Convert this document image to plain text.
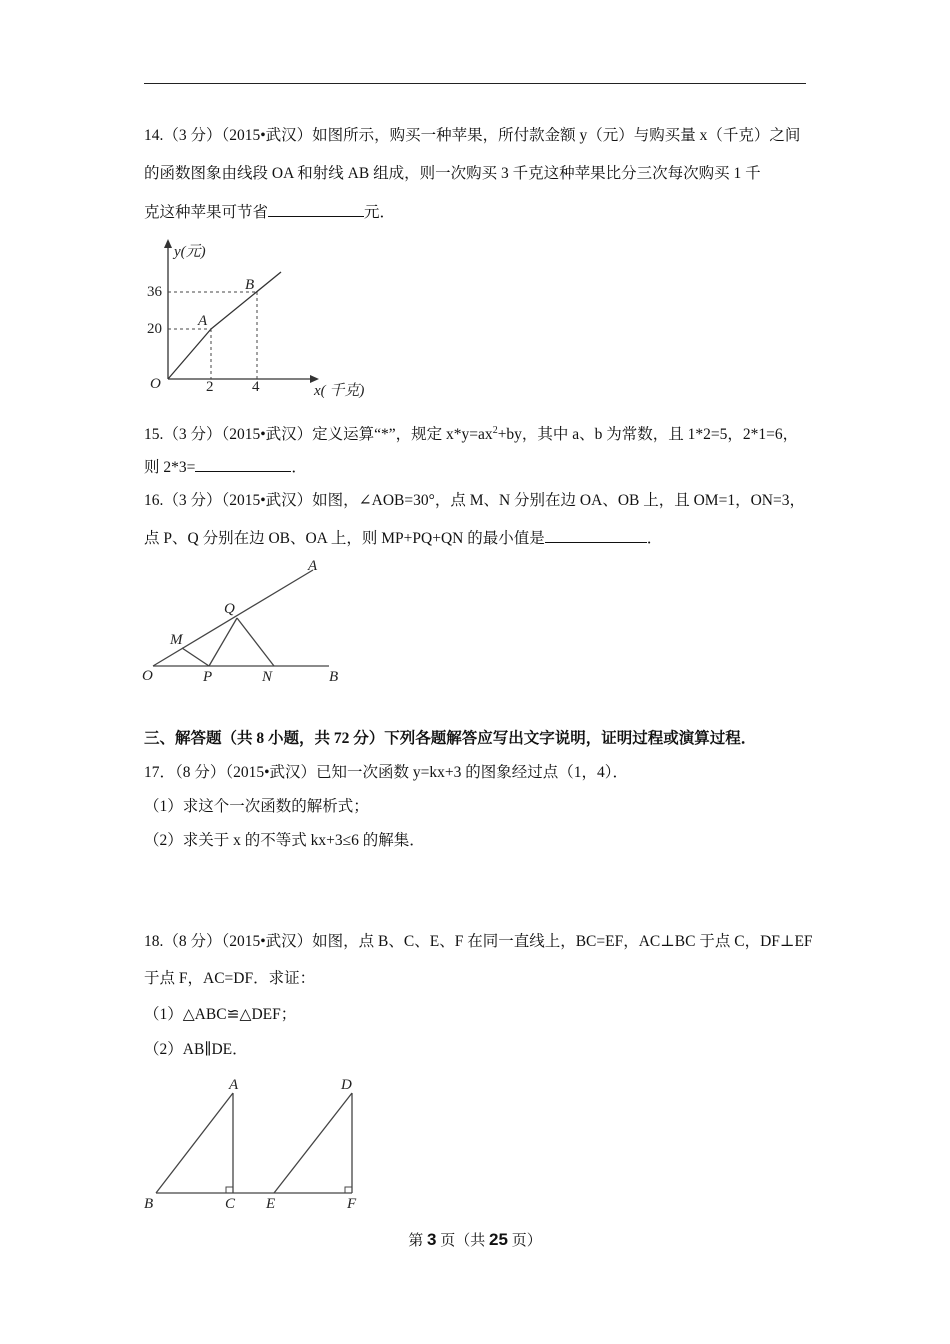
14.（3 分）（2015•武汉）如图所示，购买一种苹果，所付款金额 y（元）与购买量 x（千克）之间
的函数图象由线段 OA 和射线 AB 组成，则一次购买 3 千克这种苹果比分三次每次购买 1 千
克这种苹果可节省	元．
y(元)
x( 千克)
O
A
B
20
36
2	4
15.（3 分）（2015•武汉）定义运算“*”，规定 $x*y=ax^2+by$，其中 a、b 为常数，且 1*2=5，2*1=6，
则 2*3=	．
16.（3 分）（2015•武汉）如图，∠AOB=30°，点 M、N 分别在边 OA、OB 上，且 OM=1，ON=3，
点 P、Q 分别在边 OB、OA 上，则 MP+PQ+QN 的最小值是	．
A
Q
M
O	P	N	B
三、解答题（共 8 小题，共 72 分）下列各题解答应写出文字说明，证明过程或演算过程．
17．（8 分）（2015•武汉）已知一次函数 y=kx+3 的图象经过点（1，4）．
（1）求这个一次函数的解析式；
（2）求关于 x 的不等式 kx+3≤6 的解集．
18.（8 分）（2015•武汉）如图，点 B、C、E、F 在同一直线上，BC=EF，AC⊥BC 于点 C，DF⊥EF
于点 F，AC=DF．求证：
（1）△ABC≌△DEF；
（2）AB∥DE．
A	D
B	C E	F
第 3 页（共 25 页）
